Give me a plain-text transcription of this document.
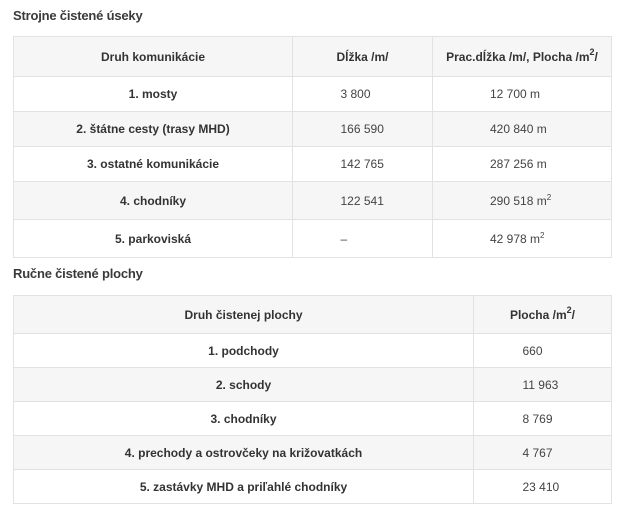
Strojne čistené úseky
Druh komunikácie	Dĺžka /m/	Prac.dĺžka /m/, Plocha $/m^2/$
1. mosty	3 800	12 700 m
2. štátne cesty (trasy MHD)	166 590	420 840 m
3. ostatné komunikácie	142 765	287 256 m
4. chodníky	122 541	290 518 $m^2$
5. parkoviská	–	42 978 $m^2$
Ručne čistené plochy
Druh čistenej plochy	Plocha $/m^2/$
1. podchody	660
2. schody	11 963
3. chodníky	8 769
4. prechody a ostrovčeky na križovatkách	4 767
5. zastávky MHD a priľahlé chodníky	23 410
